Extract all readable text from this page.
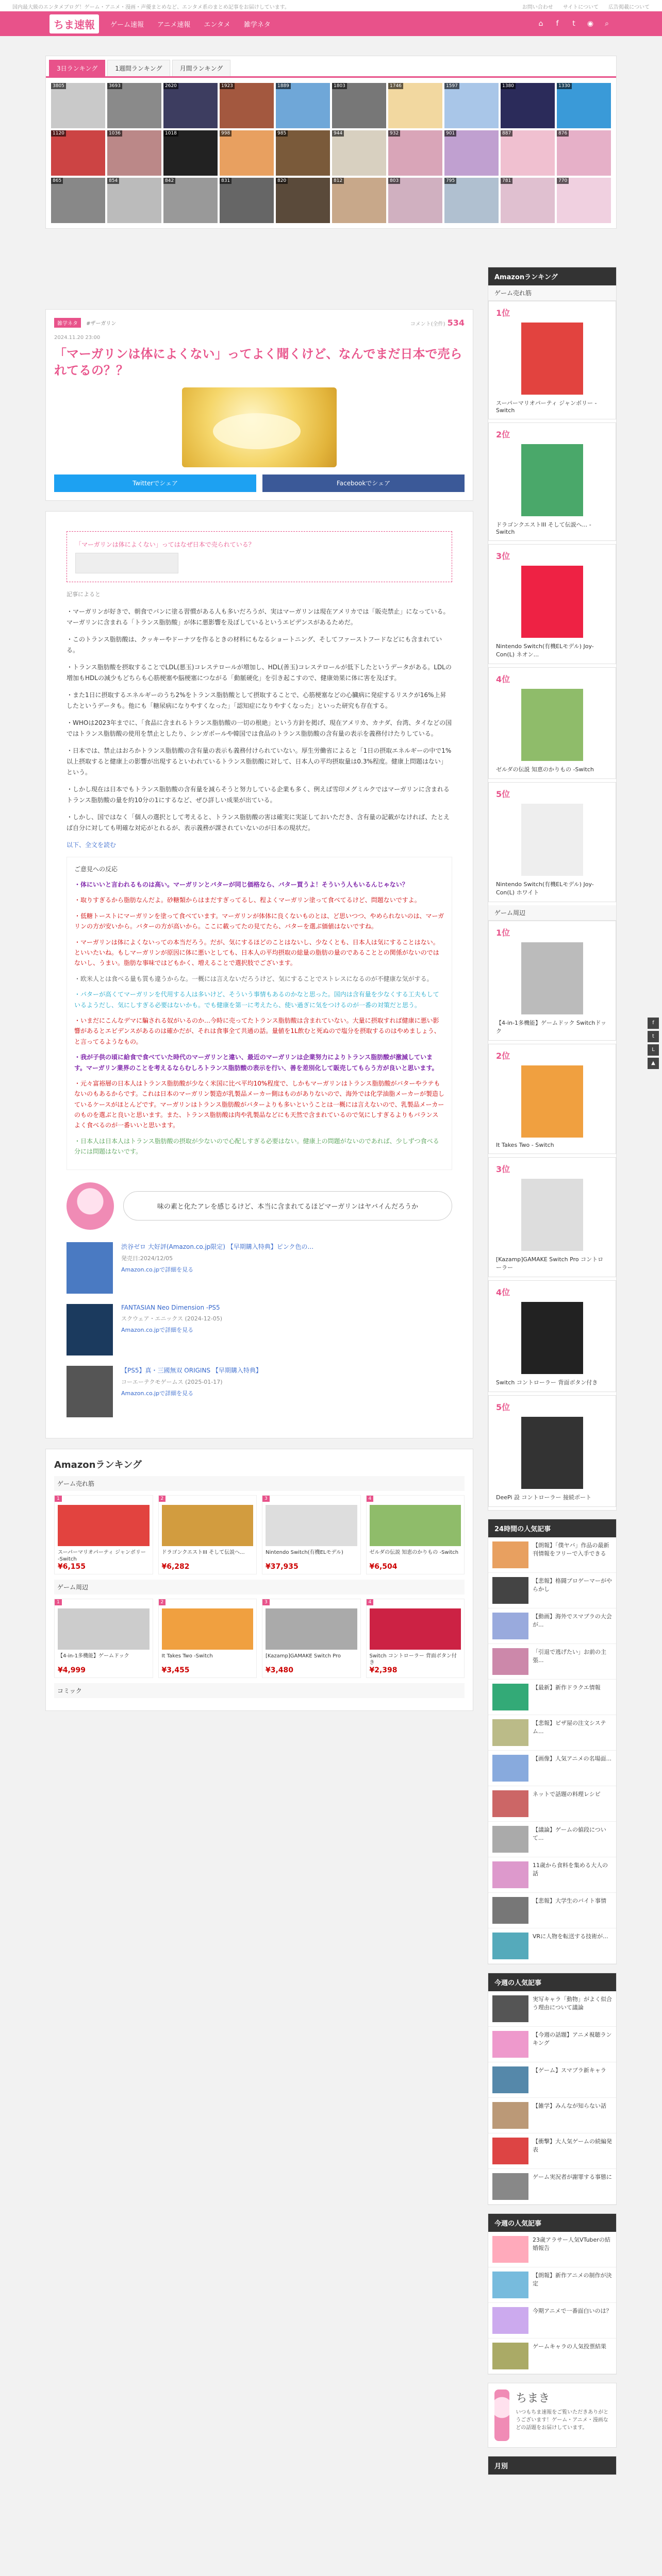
国内最大級のエンタメブログ！ゲーム・アニメ・漫画・声優まとめなど、エンタメ系のまとめ記事をお届けしています。	お問い合わせ サイトについて 広告掲載について
ちま速報	ゲーム速報 アニメ速報 エンタメ 雑学ネタ	⌂	f	t	◉	⌕
3日ランキング	1週間ランキング	月間ランキング
3805	3693	2620	1923	1889	1803	1746	1597	1380	1330
1120	1036	1018	998	985	944	932	901	887	876
865	854	842	831	820	812	803	795	781	770
Amazonランキング
ゲーム売れ筋
1位
スーパーマリオパーティ ジャンボリー -Switch
2位
ドラゴンクエストIII そして伝説へ... -Switch
3位
Nintendo Switch(有機ELモデル) Joy-Con(L) ネオン...
4位
ゼルダの伝説 知恵のかりもの -Switch
5位
Nintendo Switch(有機ELモデル) Joy-Con(L) ホワイト
ゲーム周辺
1位
【4-in-1多機能】ゲームドック Switchドック
2位
It Takes Two - Switch
3位
[Kazamp]GAMAKE Switch Pro コントローラー
4位
Switch コントローラー 背面ボタン付き
5位
DeePi 設 コントローラー 接続ポート
24時間の人気記事
【朗報】「僕ヤバ」作品の最新刊情報をフリーで入手できる
【悲報】格闘プロゲーマーがやらかし
【動画】海外でスマブラの大会が...
「引退で逃げたい」お前の主張...
【最新】新作ドラクエ情報
【悲報】ピザ屋の注文システム...
【画像】人気アニメの名場面...
ネットで話題の料理レシピ
【議論】ゲームの値段について...
11歳から食料を集める大人の話
【悲報】大学生のバイト事情
VRに人物を転送する技術が...
今週の人気記事
実写キャラ「動物」がよく似合う理由について議論
【今週の話題】アニメ視聴ランキング
【ゲーム】スマブラ新キャラ
【雑学】みんなが知らない話
【衝撃】大人気ゲームの続編発表
ゲーム実況者が謝罪する事態に
今週の人気記事
23歳アラサー人気VTuberの結婚報告
【朗報】新作アニメの制作が決定
今期アニメで一番面白いのは？
ゲームキャラの人気投票結果
ちまき
いつもちま速報をご覧いただきありがとうございます！ゲーム・アニメ・漫画などの話題をお届けしています。
月別
雑学ネタ #ザーガリン	コメント(全件) 534
2024.11.20 23:00
「マーガリンは体によくない」ってよく聞くけど、なんでまだ日本で売られてるの？？
Twitterでシェア	Facebookでシェア
「マーガリンは体によくない」ってはなぜ日本で売られている？

記事によると

・マーガリンが好きで、朝食でパンに塗る習慣がある人も多いだろうが、実はマーガリンは現在アメリカでは「販売禁止」になっている。マーガリンに含まれる「トランス脂肪酸」が体に悪影響を及ぼしているというエビデンスがあるためだ。

・このトランス脂肪酸は、クッキーやドーナツを作るときの材料にもなるショートニング、そしてファーストフードなどにも含まれている。

・トランス脂肪酸を摂取することでLDL(悪玉)コレステロールが増加し、HDL(善玉)コレステロールが低下したというデータがある。LDLの増加もHDLの減少もどちらも心筋梗塞や脳梗塞につながる「動脈硬化」を引き起こすので、健康効果に体に害を及ぼす。

・また1日に摂取するエネルギーのうち2%をトランス脂肪酸として摂取することで、心筋梗塞などの心臓病に発症するリスクが16%上昇したというデータも。他にも「糖尿病になりやすくなった」「認知症になりやすくなった」といった研究も存在する。

・WHOは2023年までに、「食品に含まれるトランス脂肪酸の一切の根絶」という方針を掲げ、現在アメリカ、カナダ、台湾、タイなどの国ではトランス脂肪酸の使用を禁止としたり、シンガポールや韓国では食品のトランス脂肪酸の含有量の表示を義務付けたりしている。

・日本では、禁止はおろかトランス脂肪酸の含有量の表示も義務付けられていない。厚生労働省によると「1日の摂取エネルギーの中で1%以上摂取すると健康上の影響が出現するといわれているトランス脂肪酸に対して、日本人の平均摂取量は0.3%程度。健康上問題はない」という。

・しかし現在は日本でもトランス脂肪酸の含有量を減らそうと努力している企業も多く、例えば雪印メグミルクではマーガリンに含まれるトランス脂肪酸の量を約10分の1にするなど、ぜひ詳しい成果が出ている。

・しかし、国ではなく「個人の選択として考えると、トランス脂肪酸の害は確実に実証しておいただき、含有量の記載がなければ、たとえば自分に対しても明確な対応がとれるが、表示義務が課されていないのが日本の現状だ。

以下、全文を読む

ご意見への反応
・体にいいと言われるものは高い。マーガリンとバターが同じ価格なら、バター買うよ！そういう人もいるんじゃない？
・取りすぎるから脂肪なんだよ。砂糖類からはまだすぎってるし、程よくマーガリン塗って食べてるけど、問題ないですよ。
・低糖トーストにマーガリンを塗って食べています。マーガリンが体体に良くないものとは、ど思いつつ、やめられないのは、マーガリンの方が安いから。バターの方が高いから。ここに載ってたの見てたら、バターを選ぶ価値はないですね。
・マーガリンは体によくないっての本当だろう。だが、気にするほどのことはないし、少なくとも、日本人は気にすることはない。といいたいね。もしマーガリンが原因に体に悪いとしても、日本人の平均摂取の総量の脂肪の量のであることとの関係がないのではないし、うまい。脂肪な事味ではどもかく、増えることで選択肢でございます。
・欧米人とは食べる量も質も違うからな。一概には言えないだろうけど、気にすることでストレスになるのが不健康な気がする。
・パターが高くてマーガリンを代用する人は多いけど、そういう事情もあるのかなと思った。国内は含有量を少なくする工夫もしているようだし、気にしすぎる必要はないかも。でも健康を第一に考えたら、使い過ぎに気をつけるのが一番の対策だと思う。
・いまだにこんなデマに騙される奴がいるのか…今時に売ってたトランス脂肪酸は含まれていない。大量に摂取すれば健康に悪い影響があるとエビデンスがあるのは確かだが、それは食事全て共通の話。量値を1L飲むと死ぬので塩分を摂取するのはやめましょう、と言ってるようなもの。
・我が子供の頃に給食で食べていた時代のマーガリンと違い、最近のマーガリンは企業努力によりトランス脂肪酸が激減しています。マーガリン業界のことを考えるならむしろトランス脂肪酸の表示を行い、善を差別化して販売してもらう方が良いと思います。
・元々富裕層の日本人はトランス脂肪酸が少なく米国に比べ平均10%程度で、しかもマーガリンはトランス脂肪酸がバターやラテもないのもあるからです。これは日本のマーガリン製造が乳製品メーカー側はものがありないので、海外では化学油脂メーカーが製造しているケースがほとんどです。マーガリンはトランス脂肪酸がバターよりも多いということは一概には言えないので、乳製品メーカーのものを選ぶと良いと思います。また、トランス脂肪酸は肉や乳製品などにも天然で含まれているので気にしすぎるよりもバランスよく食べるのが一番いいと思います。
・日本人は日本人はトランス脂肪酸の摂取が少ないので心配しすぎる必要はない。健康上の問題がないのであれば、少しずつ食べる分には問題はないです。
味の素と化たアレを感じるけど、本当に含まれてるほどマーガリンはヤバイんだろうか
渋谷ゼロ 大好評(Amazon.co.jp限定) 【早期購入特典】ピンク色の...
発売日:2024/12/05
Amazon.co.jpで詳細を見る
FANTASIAN Neo Dimension -PS5
スクウェア・エニックス (2024-12-05)
Amazon.co.jpで詳細を見る
【PS5】真・三國無双 ORIGINS 【早期購入特典】
コーエーテクモゲームス (2025-01-17)
Amazon.co.jpで詳細を見る
Amazonランキング
ゲーム売れ筋
1
スーパーマリオパーティ ジャンボリー -Switch
¥6,155
2
ドラゴンクエストIII そして伝説へ...
¥6,282
3
Nintendo Switch(有機ELモデル)
¥37,935
4
ゼルダの伝説 知恵のかりもの -Switch
¥6,504
ゲーム周辺
1
【4-in-1多機能】ゲームドック
¥4,999
2
It Takes Two -Switch
¥3,455
3
[Kazamp]GAMAKE Switch Pro
¥3,480
4
Switch コントローラー 背面ボタン付き
¥2,398
コミック
f
t
L
▲
